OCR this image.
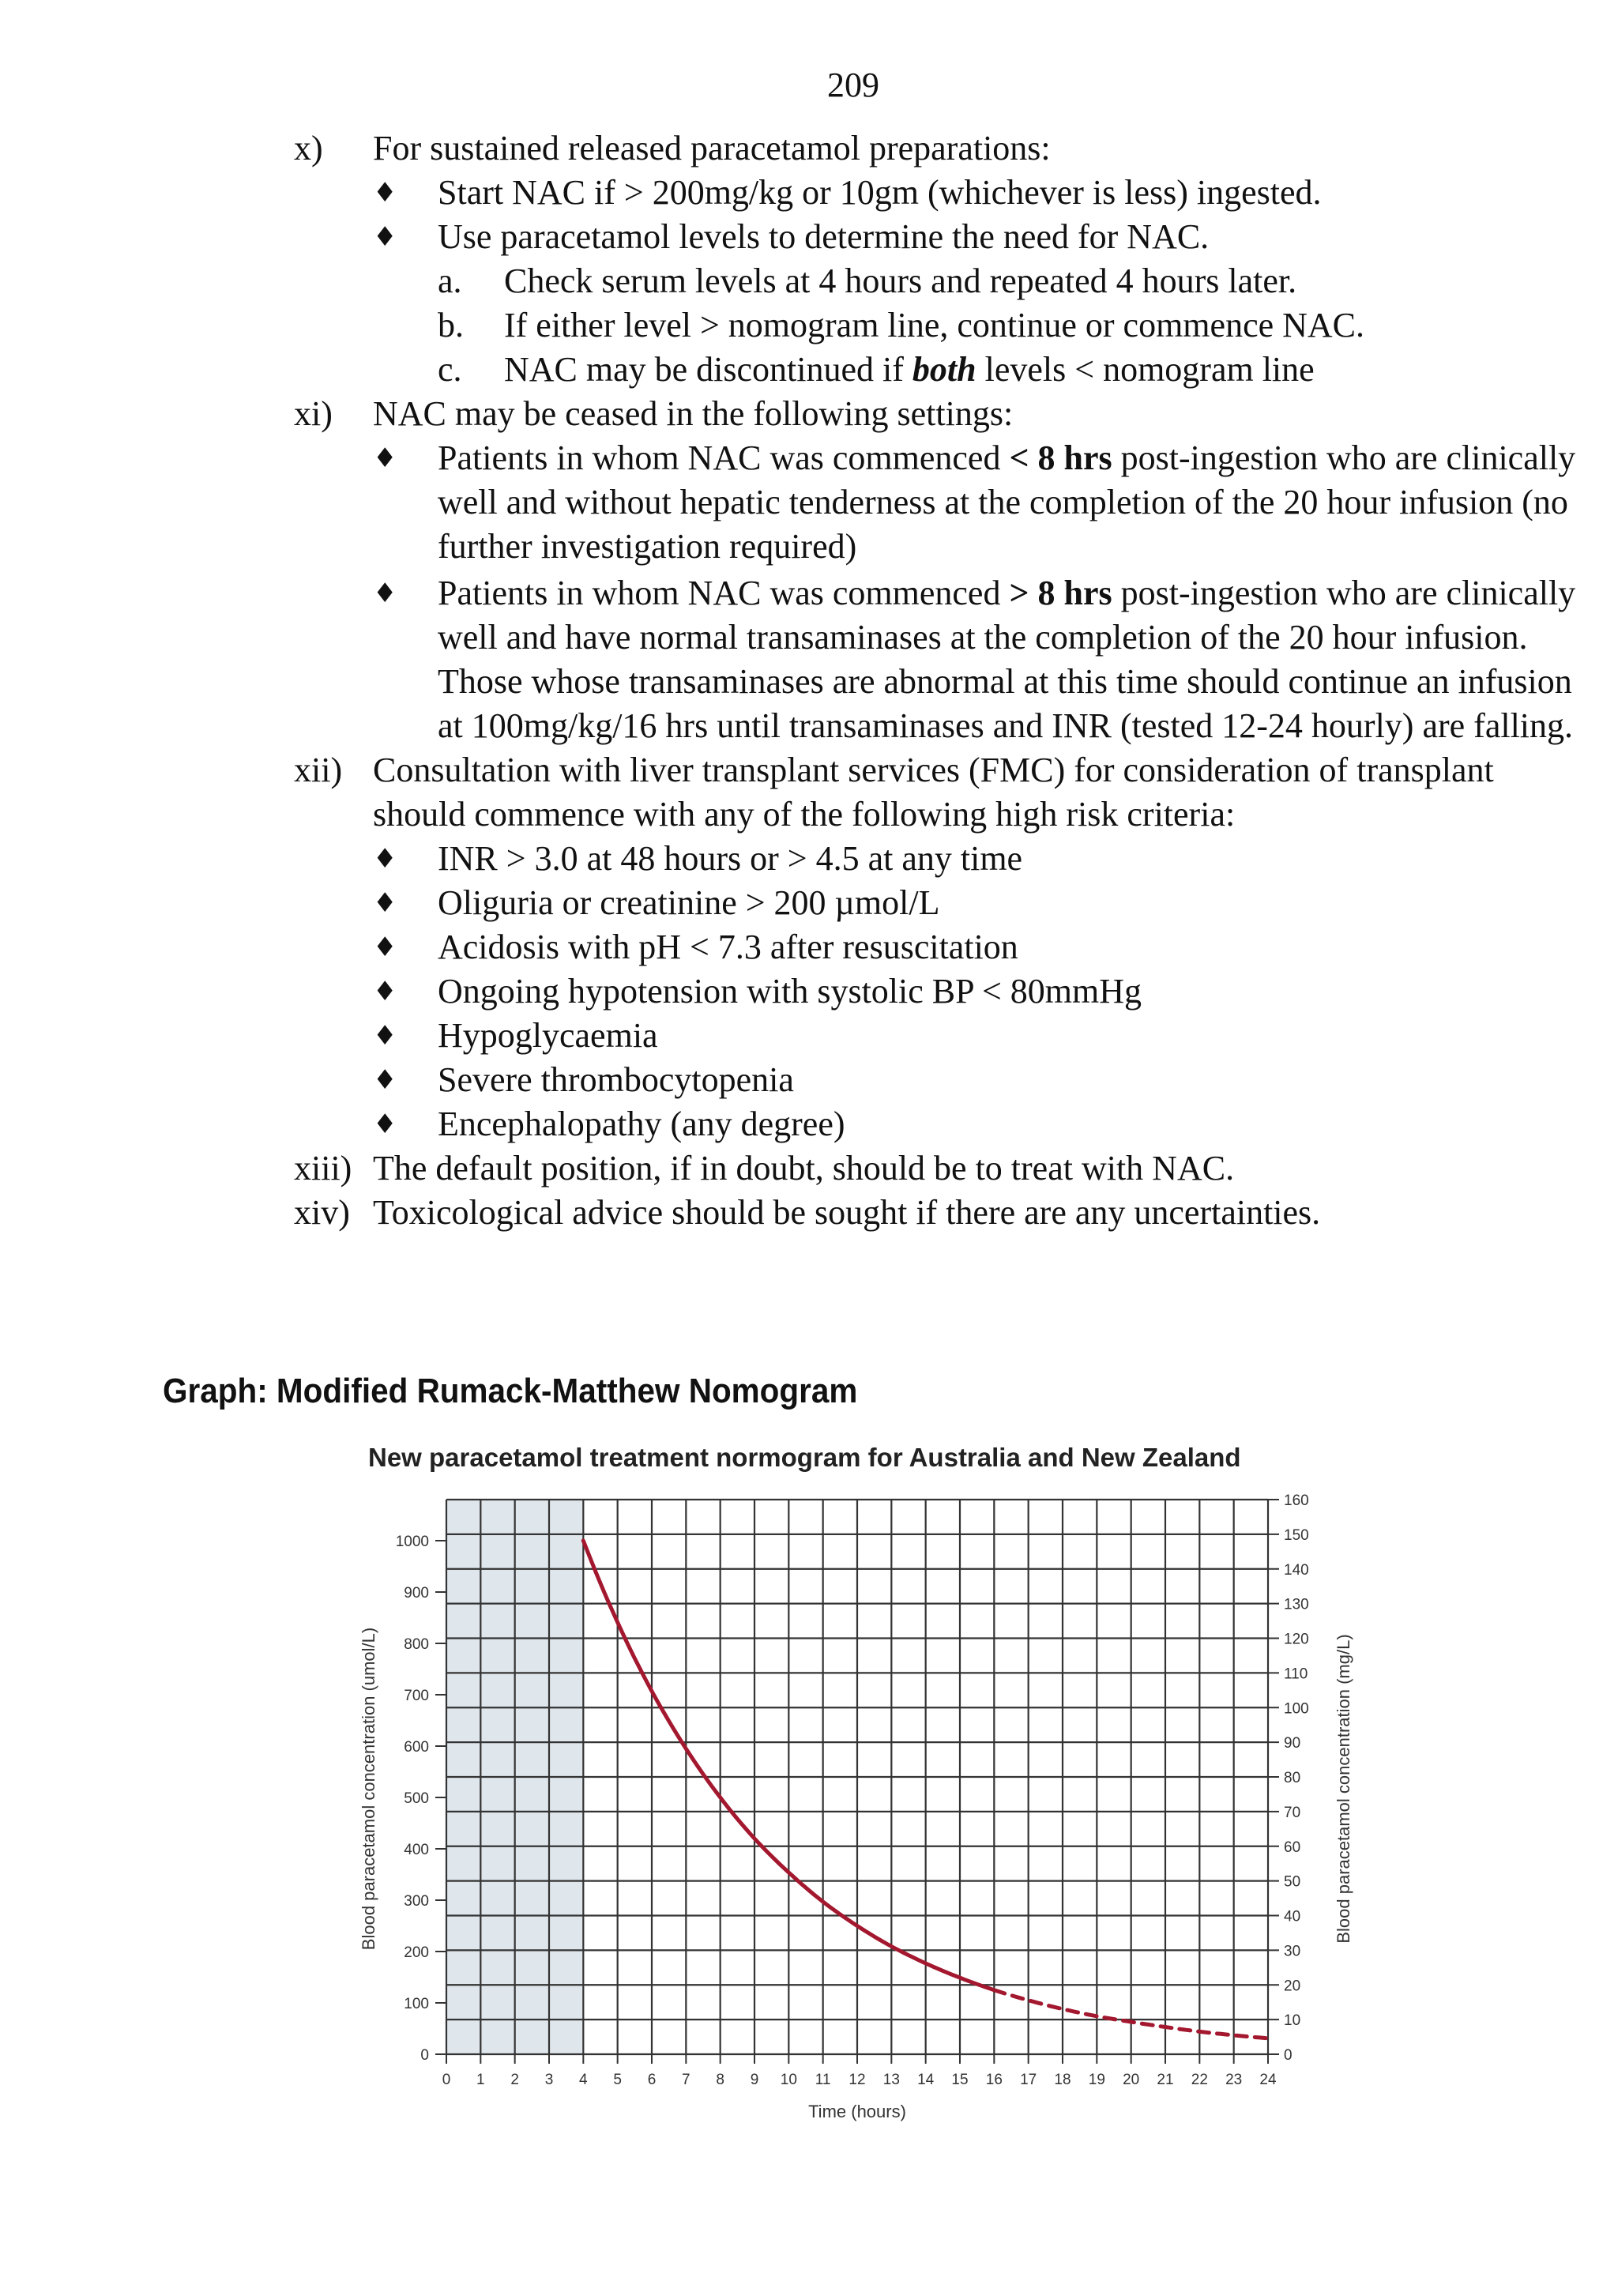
209
x) For sustained released paracetamol preparations:
♦ Start NAC if > 200mg/kg or 10gm (whichever is less) ingested.
♦ Use paracetamol levels to determine the need for NAC.
a. Check serum levels at 4 hours and repeated 4 hours later.
b. If either level > nomogram line, continue or commence NAC.
c. NAC may be discontinued if both levels < nomogram line
xi) NAC may be ceased in the following settings:
♦ Patients in whom NAC was commenced < 8 hrs post-ingestion who are clinically well and without hepatic tenderness at the completion of the 20 hour infusion (no further investigation required)
♦ Patients in whom NAC was commenced > 8 hrs post-ingestion who are clinically well and have normal transaminases at the completion of the 20 hour infusion. Those whose transaminases are abnormal at this time should continue an infusion at 100mg/kg/16 hrs until transaminases and INR (tested 12-24 hourly) are falling.
xii) Consultation with liver transplant services (FMC) for consideration of transplant should commence with any of the following high risk criteria:
♦ INR > 3.0 at 48 hours or > 4.5 at any time
♦ Oliguria or creatinine > 200 µmol/L
♦ Acidosis with pH < 7.3 after resuscitation
♦ Ongoing hypotension with systolic BP < 80mmHg
♦ Hypoglycaemia
♦ Severe thrombocytopenia
♦ Encephalopathy (any degree)
xiii) The default position, if in doubt, should be to treat with NAC.
xiv) Toxicological advice should be sought if there are any uncertainties.
Graph: Modified Rumack-Matthew Nomogram
New paracetamol treatment normogram for Australia and New Zealand
0
100
200
300
400
500
600
700
800
900
1000
0
10
20
30
40
50
60
70
80
90
100
110
120
130
140
150
160
0 1 2 3 4 5 6 7 8 9 10 11 12 13 14 15 16 17 18 19 20 21 22 23 24
Time (hours)
Blood paracetamol concentration (umol/L)	Blood paracetamol concentration (mg/L)
